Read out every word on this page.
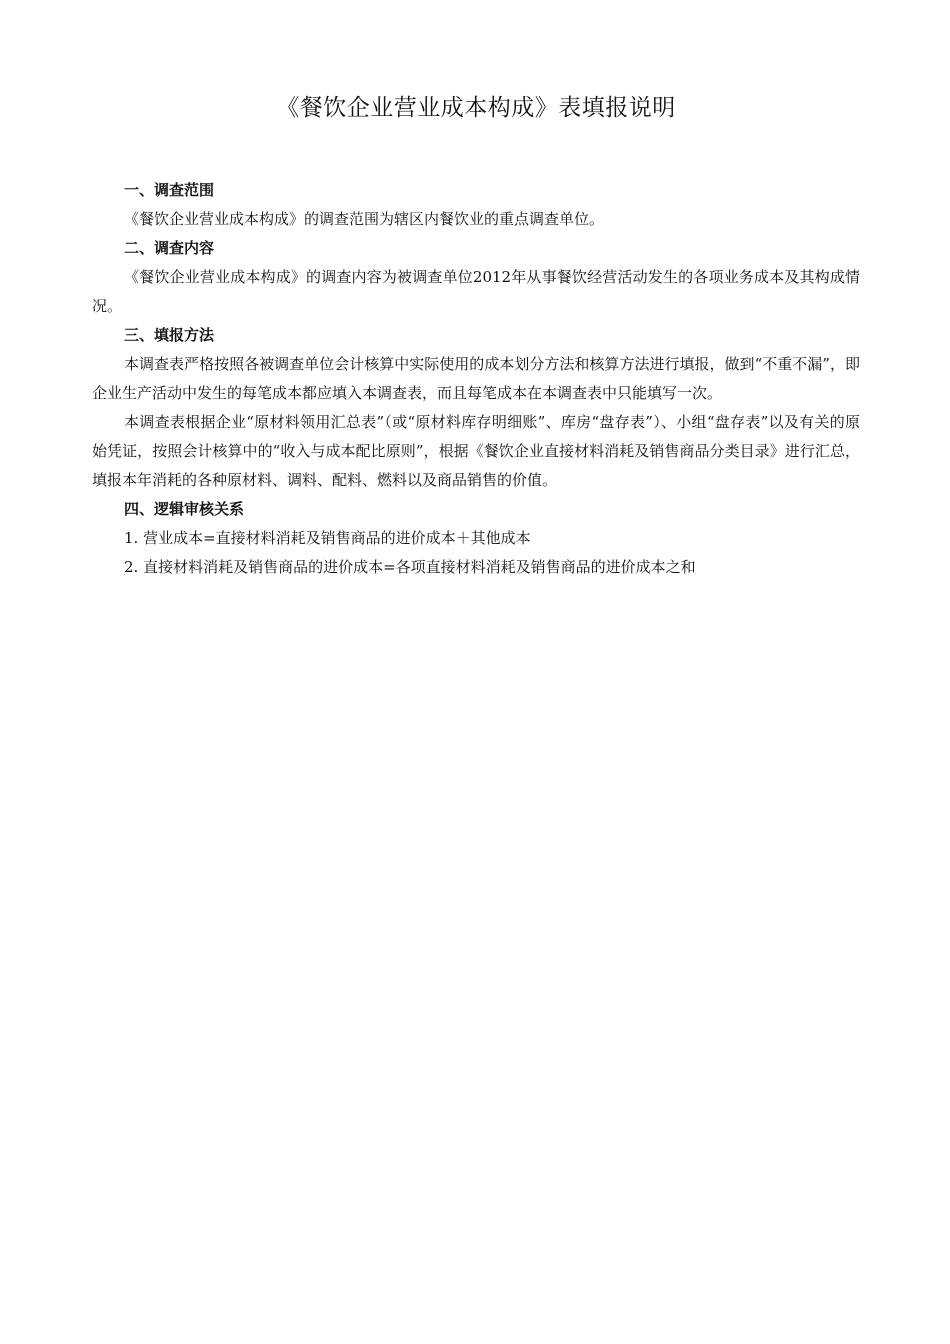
《餐饮企业营业成本构成》表填报说明

一、调查范围

《餐饮企业营业成本构成》的调查范围为辖区内餐饮业的重点调查单位。

二、调查内容

《餐饮企业营业成本构成》的调查内容为被调查单位2012年从事餐饮经营活动发生的各项业务成本及其构成情况。

三、填报方法

本调查表严格按照各被调查单位会计核算中实际使用的成本划分方法和核算方法进行填报，做到“不重不漏”，即企业生产活动中发生的每笔成本都应填入本调查表，而且每笔成本在本调查表中只能填写一次。

本调查表根据企业“原材料领用汇总表”（或“原材料库存明细账”、库房“盘存表”）、小组“盘存表”以及有关的原始凭证，按照会计核算中的“收入与成本配比原则”，根据《餐饮企业直接材料消耗及销售商品分类目录》进行汇总，填报本年消耗的各种原材料、调料、配料、燃料以及商品销售的价值。

四、逻辑审核关系

1. 营业成本=直接材料消耗及销售商品的进价成本＋其他成本

2. 直接材料消耗及销售商品的进价成本=各项直接材料消耗及销售商品的进价成本之和
